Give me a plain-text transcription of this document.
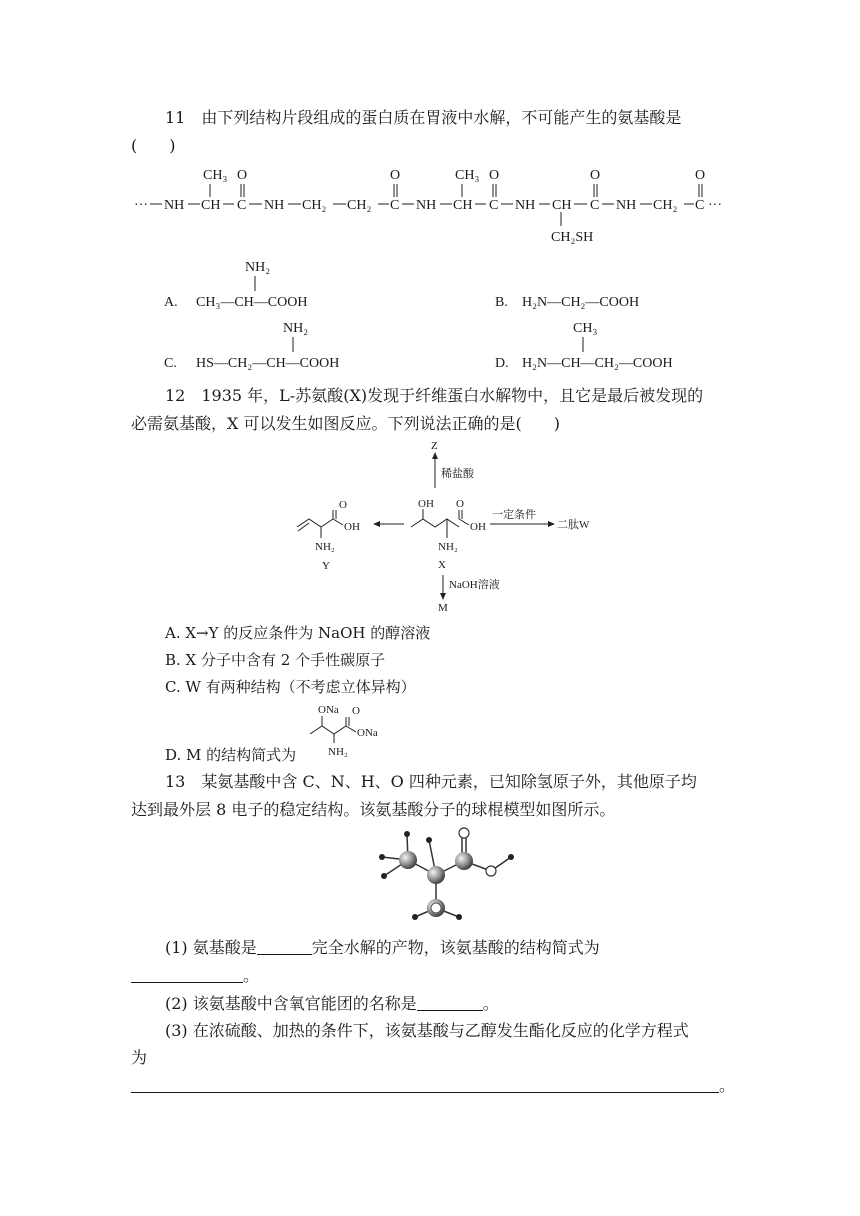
11　由下列结构片段组成的蛋白质在胃液中水解，不可能产生的氨基酸是
(　　)
··· NH CH
CH₃
C
O
NH CH₂ CH₂ C
O
NH CH
CH₃
C
O
NH CH
CH₂SH
C
O
NH CH₂ C
O
···
A.
NH₂
CH₃—CH—COOH	B. H₂N—CH₂—COOH
C.
NH₂
HS—CH₂—CH—COOH	D.
CH₃
H₂N—CH—CH₂—COOH
12　1935 年，L-苏氨酸(X)发现于纤维蛋白水解物中，且它是最后被发现的
必需氨基酸，X 可以发生如图反应。下列说法正确的是(　　)
Z
稀盐酸
O
OH
NH₂
Y
OH O
OH
NH₂
X
一定条件
二肽W
NaOH溶液
M
A. X→Y 的反应条件为 NaOH 的醇溶液
B. X 分子中含有 2 个手性碳原子
C. W 有两种结构（不考虑立体异构）
ONa O
ONa
NH₂
D. M 的结构简式为
13　某氨基酸中含 C、N、H、O 四种元素，已知除氢原子外，其他原子均
达到最外层 8 电子的稳定结构。该氨基酸分子的球棍模型如图所示。
(1) 氨基酸是	完全水解的产物，该氨基酸的结构简式为
。
(2) 该氨基酸中含氧官能团的名称是	。
(3) 在浓硫酸、加热的条件下，该氨基酸与乙醇发生酯化反应的化学方程式
为
。
